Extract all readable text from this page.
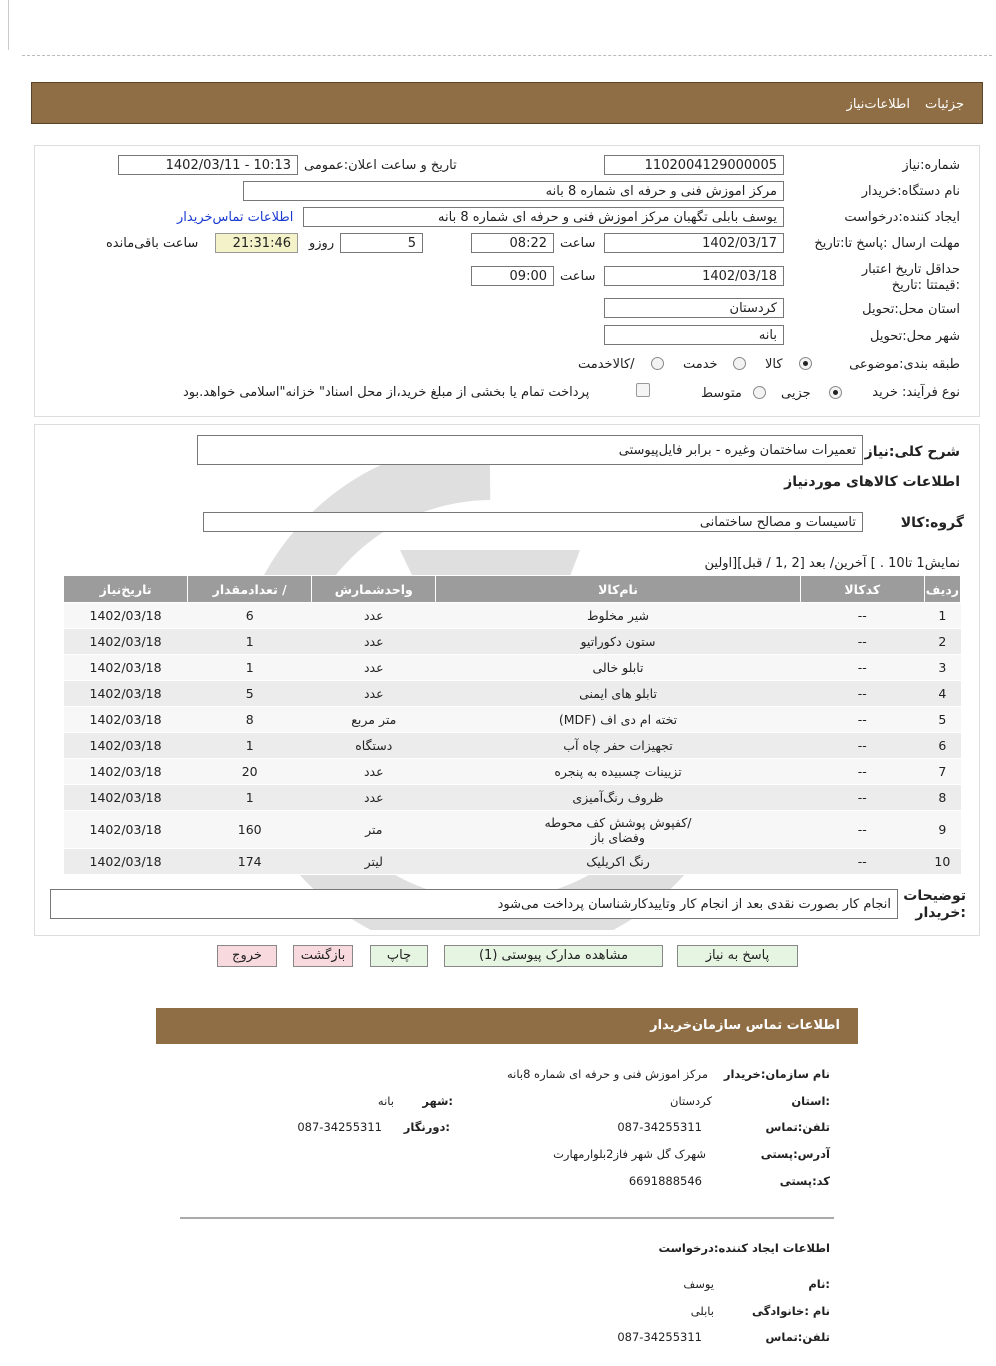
جزئیات
اطلاعات‌نیاز
شماره:نیاز
1102004129000005
تاریخ و ساعت اعلان:عمومی
1402/03/11 - 10:13
نام دستگاه:خریدار
مرکز اموزش فنی و حرفه ای شماره 8 بانه
ایجاد کننده:درخواست
یوسف بابلی تگهبان مرکز اموزش فنی و حرفه ای شماره 8 بانه
اطلاعات تماس‌خریدار
مهلت ارسال :پاسخ تا:تاریخ
1402/03/17
ساعت
08:22
5
روزو
21:31:46
ساعت باقی‌مانده
حداقل تاریخ اعتبار :قیمتتا :تاریخ
1402/03/18
ساعت
09:00
استان محل:تحویل
کردستان
شهر محل:تحویل
بانه
طبقه بندی:موضوعی
کالا
خدمت
/کالاخدمت
نوع فرآیند: خرید
جزیی
متوسط
پرداخت تمام یا بخشی از مبلغ خرید،از محل اسناد" خزانه"اسلامی خواهد.بود
شرح کلی:نیاز
تعمیرات ساختمان وغیره - برابر فایل‌پیوستی
اطلاعات کالاهای موردنیاز
گروه:کالا
تاسیسات و مصالح ساختمانی
نمایش1 تا10 . ] آخرین/ بعد [2 ,1 / قبل][اولین
ردیف	کدکالا	نام‌کالا	واحدشمارش	/ تعدادمقدار	تاریخ‌نیاز
1	--	شیر مخلوط	عدد	6	1402/03/18
2	--	ستون دکوراتیو	عدد	1	1402/03/18
3	--	تابلو خالی	عدد	1	1402/03/18
4	--	تابلو های ایمنی	عدد	5	1402/03/18
5	--	تخته ام دی اف (MDF)	متر مربع	8	1402/03/18
6	--	تجهیزات حفر چاه آب	دستگاه	1	1402/03/18
7	--	تزیینات چسبیده به پنجره	عدد	20	1402/03/18
8	--	ظروف رنگ‌آمیزی	عدد	1	1402/03/18
9	--	/کفپوش پوشش کف محوطه وفضای باز	متر	160	1402/03/18
10	--	رنگ اکریلیک	لیتر	174	1402/03/18
توضیحات :خریدار
انجام کار بصورت نقدی بعد از انجام کار وتاییدکارشناسان پرداخت می‌شود
پاسخ به نیاز
مشاهده مدارک پیوستی (1)
چاپ
بازگشت
خروج
اطلاعات تماس سازمان‌خریدار
نام سازمان:خریدار
مرکز اموزش فنی و حرفه ای شماره 8بانه
:استان
کردستان
:شهر
بانه
تلفن:تماس
087-34255311
:دورنگار
087-34255311
آدرس:پستی
شهرک گل شهر فاز2بلوارمهارت
کد:پستی
6691888546
اطلاعات ایجاد کننده:درخواست
:نام
یوسف
نام :خانوادگی
بابلی
تلفن:تماس
087-34255311
